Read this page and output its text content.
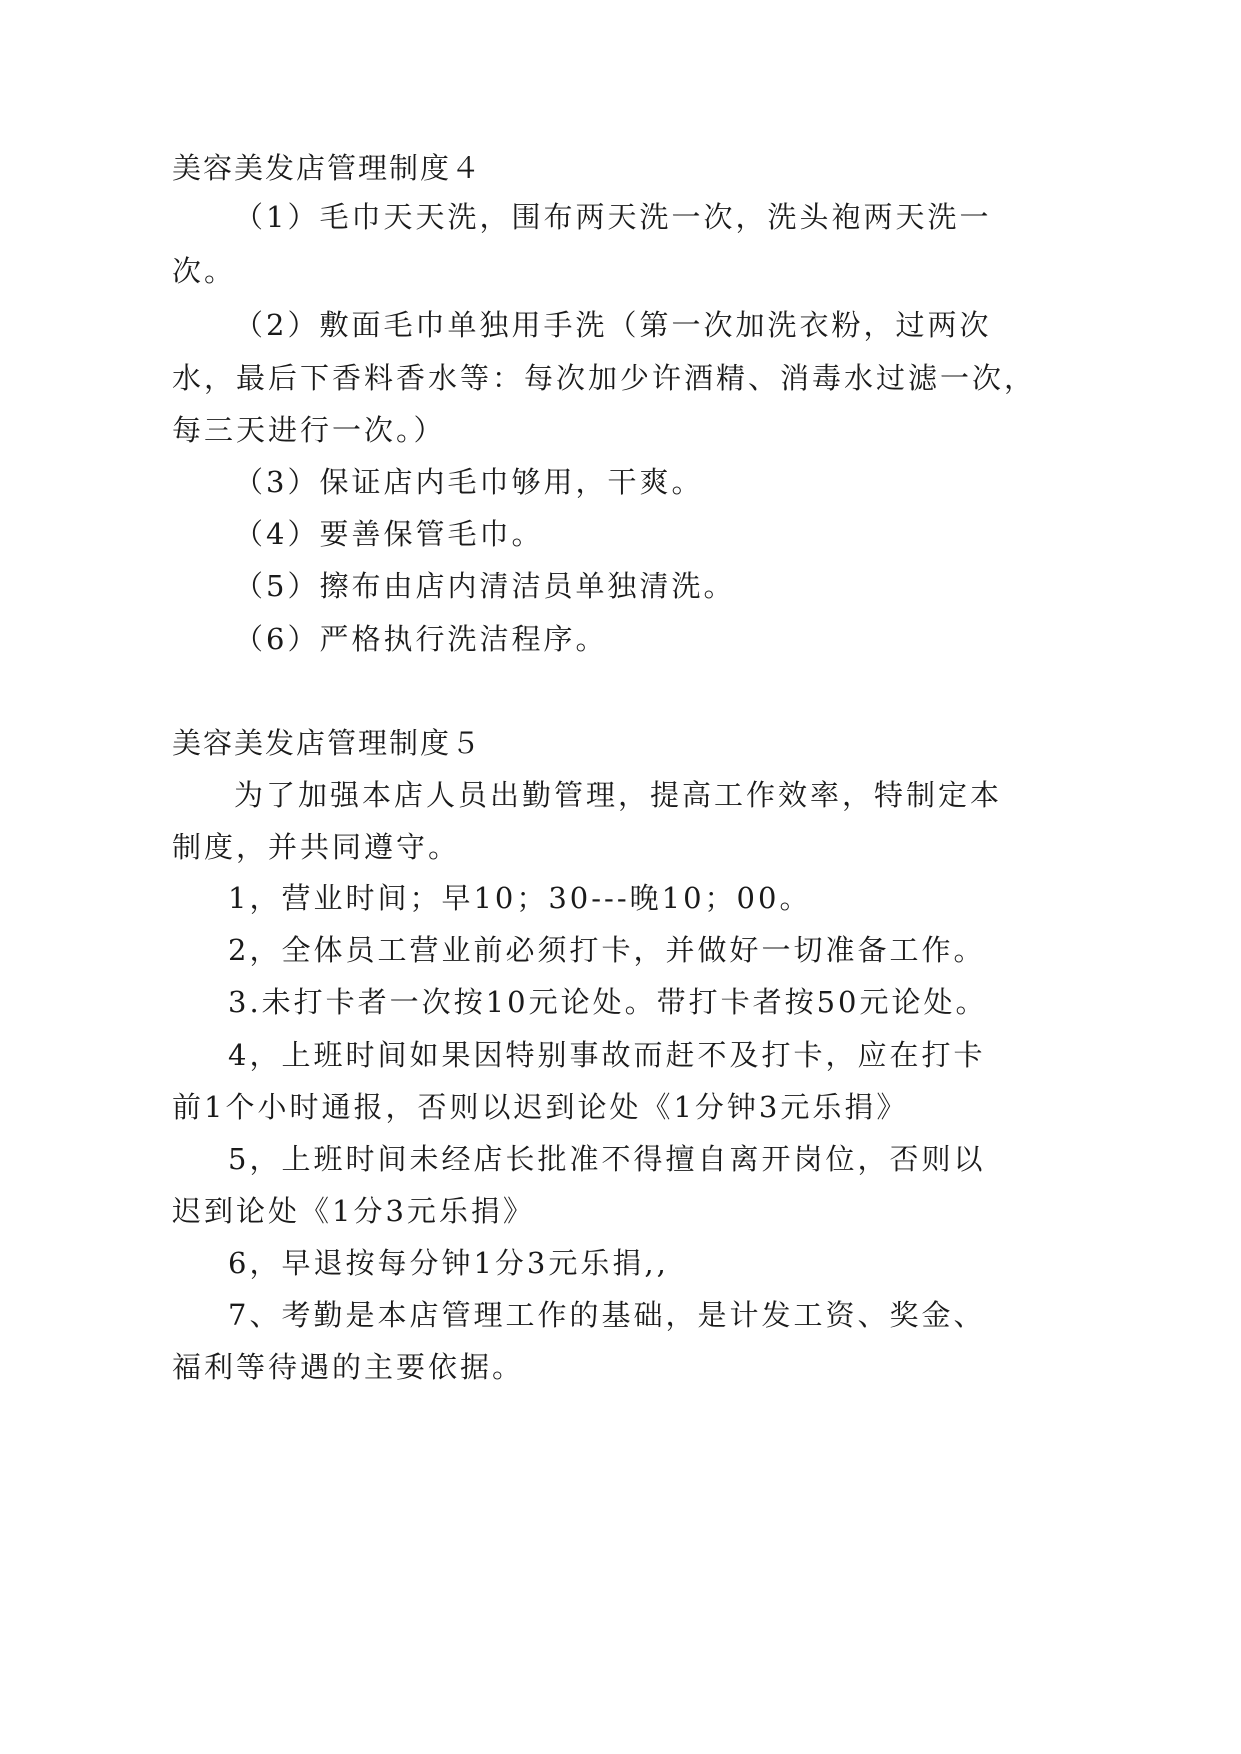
美容美发店管理制度４
（1）毛巾天天洗，围布两天洗一次，洗头袍两天洗一
次。
（2）敷面毛巾单独用手洗（第一次加洗衣粉，过两次
水，最后下香料香水等：每次加少许酒精、消毒水过滤一次，
每三天进行一次。）
（3）保证店内毛巾够用，干爽。
（4）要善保管毛巾。
（5）擦布由店内清洁员单独清洗。
（6）严格执行洗洁程序。
美容美发店管理制度５
为了加强本店人员出勤管理，提高工作效率，特制定本
制度，并共同遵守。
1，营业时间；早10；30---晚10；00。
2，全体员工营业前必须打卡，并做好一切准备工作。
3.未打卡者一次按10元论处。带打卡者按50元论处。
4，上班时间如果因特别事故而赶不及打卡，应在打卡
前1个小时通报，否则以迟到论处《1分钟3元乐捐》
5，上班时间未经店长批准不得擅自离开岗位，否则以
迟到论处《1分3元乐捐》
6，早退按每分钟1分3元乐捐,,
7、考勤是本店管理工作的基础，是计发工资、奖金、
福利等待遇的主要依据。
